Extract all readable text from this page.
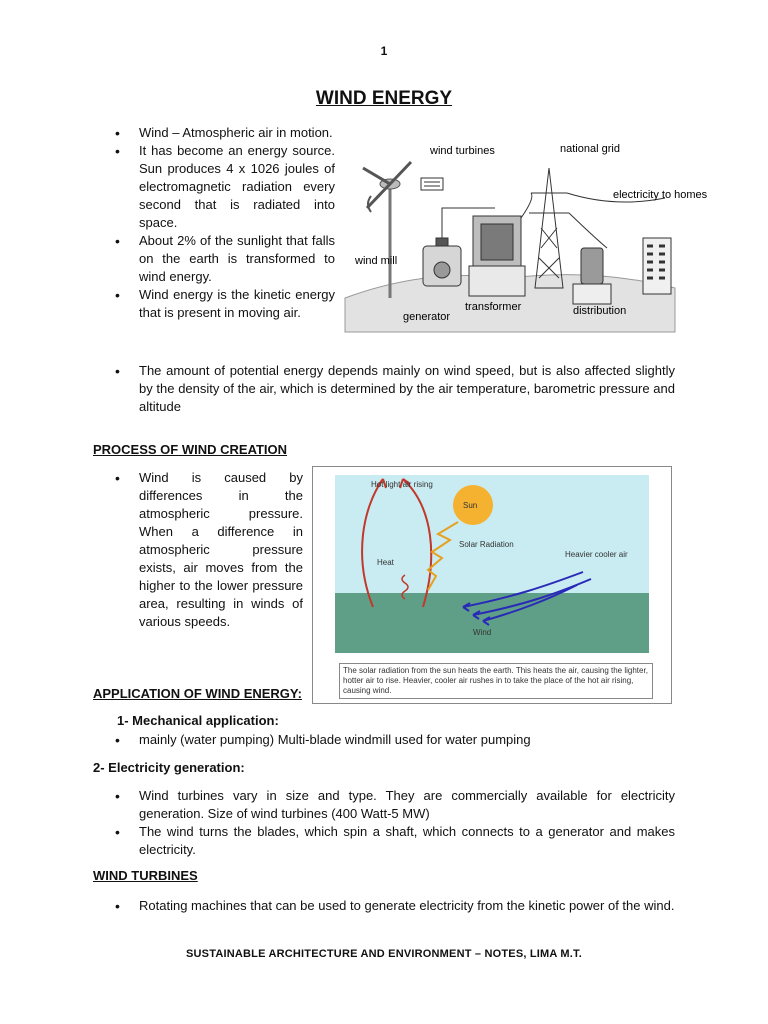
1
WIND ENERGY
• Wind – Atmospheric air in motion.
• It has become an energy source. Sun produces 4 x 1026 joules of electromagnetic radiation every second that is radiated into space.
• About 2% of the sunlight that falls on the earth is transformed to wind energy.
• Wind energy is the kinetic energy that is present in moving air.
• The amount of potential energy depends mainly on wind speed, but is also affected slightly by the density of the air, which is determined by the air temperature, barometric pressure and altitude
wind turbines	national grid
electricity to homes
wind mill
generator
transformer	distribution
PROCESS OF WIND CREATION
• Wind is caused by differences in the atmospheric pressure. When a difference in atmospheric pressure exists, air moves from the higher to the lower pressure area, resulting in winds of various speeds.
Hot light air rising
Sun
Solar Radiation
Heat
Heavier cooler air
Wind
The solar radiation from the sun heats the earth. This heats the air, causing the lighter, hotter air to rise. Heavier, cooler air rushes in to take the place of the hot air rising, causing wind.
APPLICATION OF WIND ENERGY:
1- Mechanical application:
• mainly (water pumping) Multi-blade windmill used for water pumping
2- Electricity generation:
• Wind turbines vary in size and type. They are commercially available for electricity generation. Size of wind turbines (400 Watt-5 MW)
• The wind turns the blades, which spin a shaft, which connects to a generator and makes electricity.
WIND TURBINES
• Rotating machines that can be used to generate electricity from the kinetic power of the wind.
SUSTAINABLE ARCHITECTURE AND ENVIRONMENT – NOTES, LIMA M.T.
